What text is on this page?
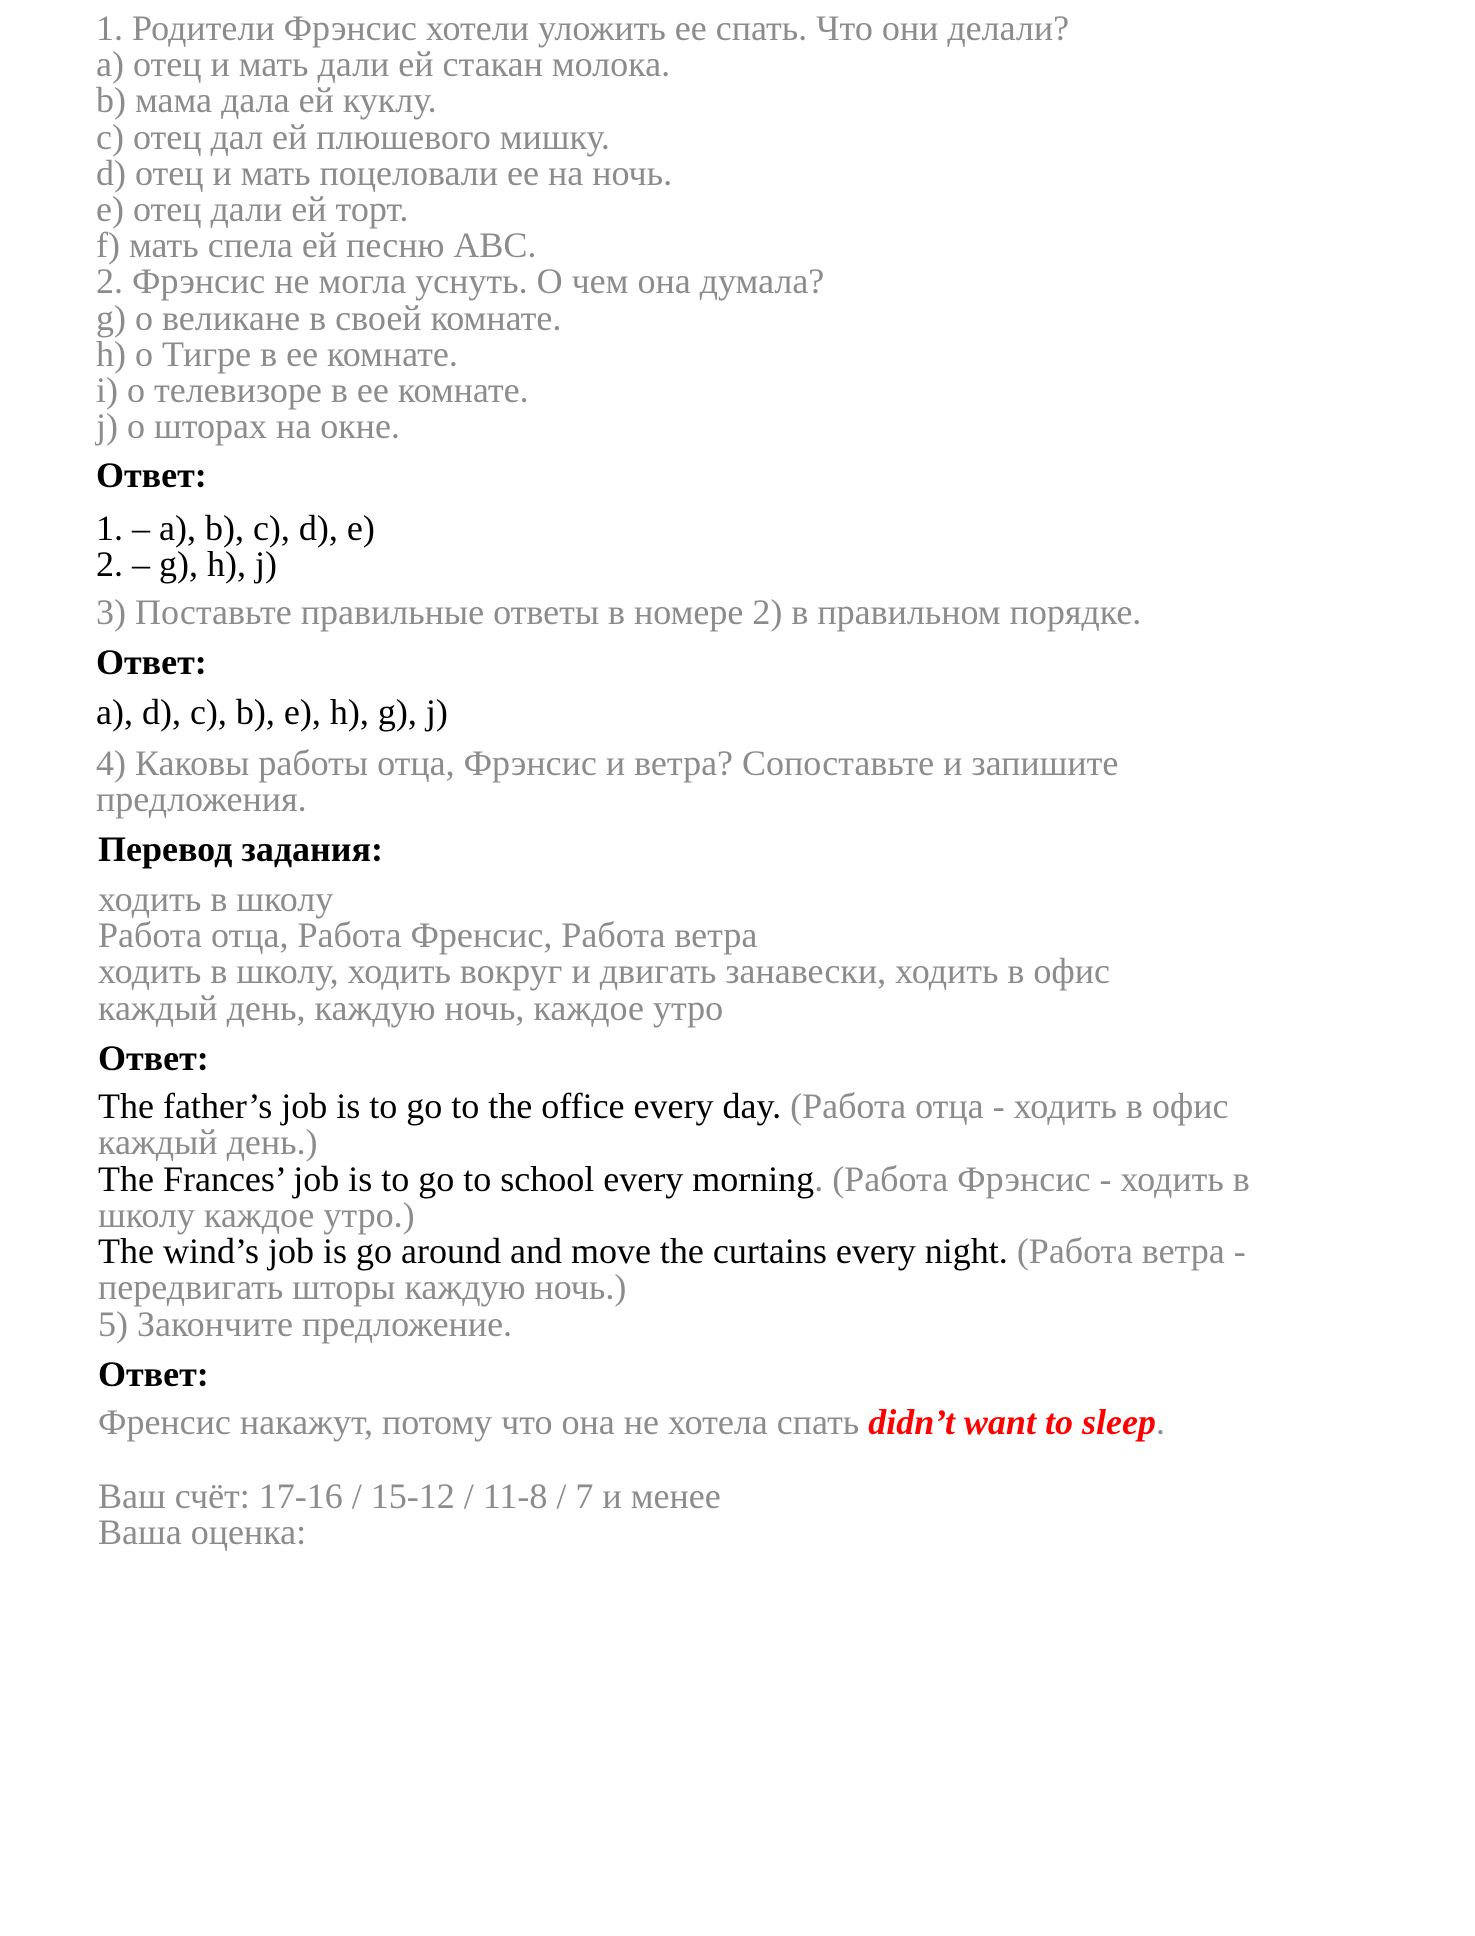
1. Родители Фрэнсис хотели уложить ее спать. Что они делали?
a) отец и мать дали ей стакан молока.
b) мама дала ей куклу.
c) отец дал ей плюшевого мишку.
d) отец и мать поцеловали ее на ночь.
e) отец дали ей торт.
f) мать спела ей песню АВС.
2. Фрэнсис не могла уснуть. О чем она думала?
g) о великане в своей комнате.
h) о Тигре в ее комнате.
i) о телевизоре в ее комнате.
j) о шторах на окне.
Ответ:
1. – a), b), c), d), e)
2. – g), h), j)
3) Поставьте правильные ответы в номере 2) в правильном порядке.
Ответ:
a), d), c), b), e), h), g), j)
4) Каковы работы отца, Фрэнсис и ветра? Сопоставьте и запишите
предложения.
Перевод задания:
ходить в школу
Работа отца, Работа Френсис, Работа ветра
ходить в школу, ходить вокруг и двигать занавески, ходить в офис
каждый день, каждую ночь, каждое утро
Ответ:
The father’s job is to go to the office every day. (Работа отца - ходить в офис
каждый день.)
The Frances’ job is to go to school every morning. (Работа Фрэнсис - ходить в
школу каждое утро.)
The wind’s job is go around and move the curtains every night. (Работа ветра -
передвигать шторы каждую ночь.)
5) Закончите предложение.
Ответ:
Френсис накажут, потому что она не хотела спать didn’t want to sleep.
Ваш счёт: 17-16 / 15-12 / 11-8 / 7 и менее
Ваша оценка:
